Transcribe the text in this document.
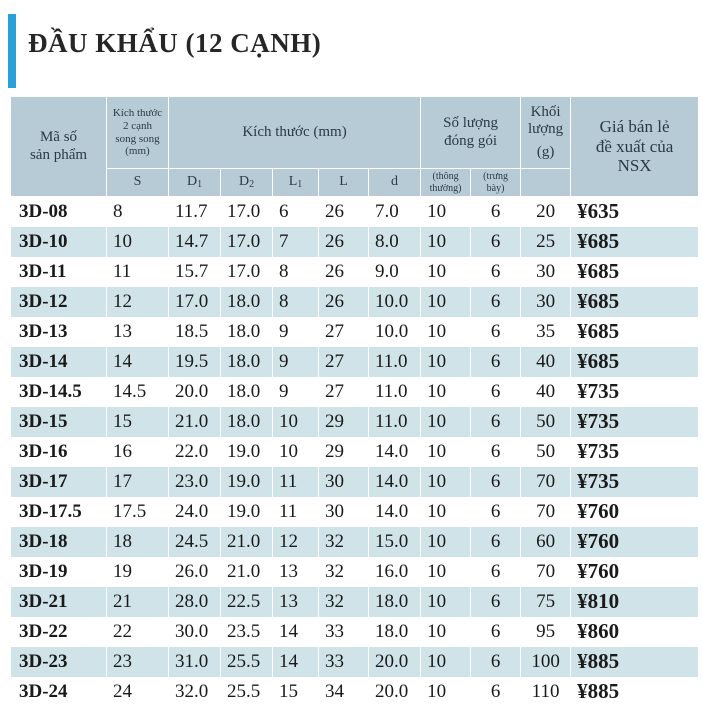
ĐẦU KHẨU (12 CẠNH)
Mã số
sản phẩm	Kích thước
2 cạnh
song song
(mm)	Kích thước (mm)					Số lượng
đóng gói		Khối
lượng
(g)	Giá bán lẻ
đề xuất của
NSX
	S	$D_1$	$D_2$	$L_1$	L	d	(thông
thường)	(trưng
bày)		
3D-08	8	11.7	17.0	6	26	7.0	10	6	20	¥635
3D-10	10	14.7	17.0	7	26	8.0	10	6	25	¥685
3D-11	11	15.7	17.0	8	26	9.0	10	6	30	¥685
3D-12	12	17.0	18.0	8	26	10.0	10	6	30	¥685
3D-13	13	18.5	18.0	9	27	10.0	10	6	35	¥685
3D-14	14	19.5	18.0	9	27	11.0	10	6	40	¥685
3D-14.5	14.5	20.0	18.0	9	27	11.0	10	6	40	¥735
3D-15	15	21.0	18.0	10	29	11.0	10	6	50	¥735
3D-16	16	22.0	19.0	10	29	14.0	10	6	50	¥735
3D-17	17	23.0	19.0	11	30	14.0	10	6	70	¥735
3D-17.5	17.5	24.0	19.0	11	30	14.0	10	6	70	¥760
3D-18	18	24.5	21.0	12	32	15.0	10	6	60	¥760
3D-19	19	26.0	21.0	13	32	16.0	10	6	70	¥760
3D-21	21	28.0	22.5	13	32	18.0	10	6	75	¥810
3D-22	22	30.0	23.5	14	33	18.0	10	6	95	¥860
3D-23	23	31.0	25.5	14	33	20.0	10	6	100	¥885
3D-24	24	32.0	25.5	15	34	20.0	10	6	110	¥885
